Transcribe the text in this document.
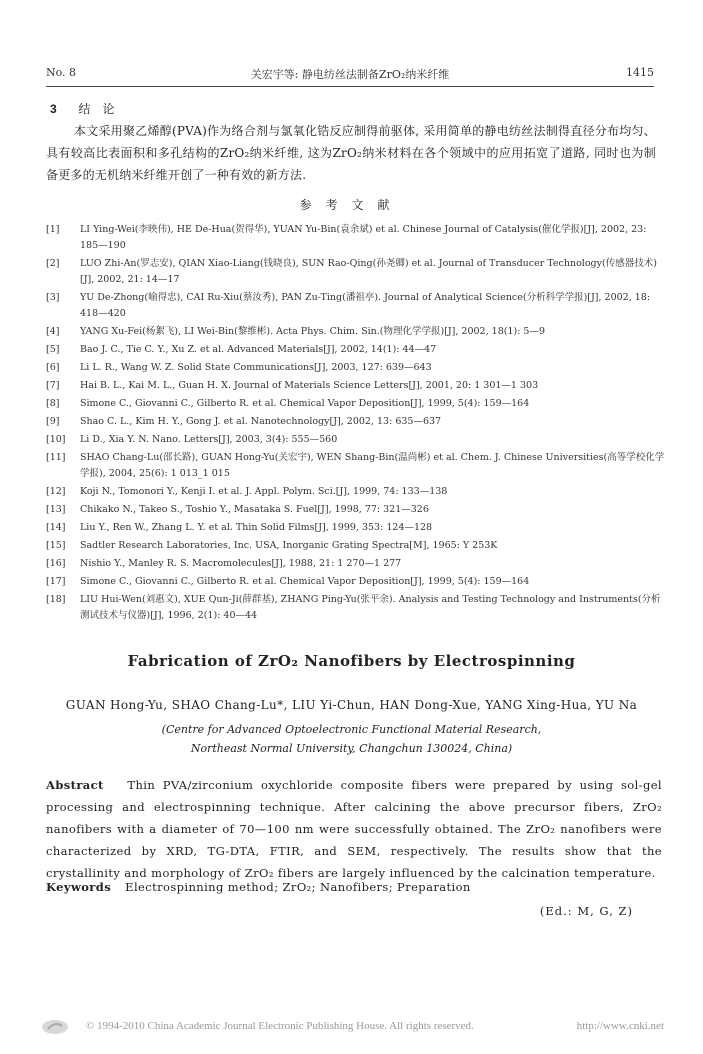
No. 8	关宏宇等: 静电纺丝法制备ZrO₂纳米纤维	1415
3 结　论
本文采用聚乙烯醇(PVA)作为络合剂与氯氧化锆反应制得前驱体, 采用简单的静电纺丝法制得直径分布均匀、具有较高比表面积和多孔结构的ZrO₂纳米纤维, 这为ZrO₂纳米材料在各个领域中的应用拓宽了道路, 同时也为制备更多的无机纳米纤维开创了一种有效的新方法.
参考文献
[1]	LI Ying-Wei(李映伟), HE De-Hua(贺得华), YUAN Yu-Bin(袁余斌) et al. Chinese Journal of Catalysis(催化学报)[J], 2002, 23: 185—190
[2]	LUO Zhi-An(罗志安), QIAN Xiao-Liang(钱晓良), SUN Rao-Qing(孙尧卿) et al. Journal of Transducer Technology(传感器技术)[J], 2002, 21: 14—17
[3]	YU De-Zhong(喻得忠), CAI Ru-Xiu(蔡汝秀), PAN Zu-Ting(潘祖亭). Journal of Analytical Science(分析科学学报)[J], 2002, 18: 418—420
[4]	YANG Xu-Fei(杨絮飞), LI Wei-Bin(黎维彬). Acta Phys. Chim. Sin.(物理化学学报)[J], 2002, 18(1): 5—9
[5]	Bao J. C., Tie C. Y., Xu Z. et al. Advanced Materials[J], 2002, 14(1): 44—47
[6]	Li L. R., Wang W. Z. Solid State Communications[J], 2003, 127: 639—643
[7]	Hai B. L., Kai M. L., Guan H. X. Journal of Materials Science Letters[J], 2001, 20: 1 301—1 303
[8]	Simone C., Giovanni C., Gilberto R. et al. Chemical Vapor Deposition[J], 1999, 5(4): 159—164
[9]	Shao C. L., Kim H. Y., Gong J. et al. Nanotechnology[J], 2002, 13: 635—637
[10]	Li D., Xia Y. N. Nano. Letters[J], 2003, 3(4): 555—560
[11]	SHAO Chang-Lu(邵长路), GUAN Hong-Yu(关宏宇), WEN Shang-Bin(温尚彬) et al. Chem. J. Chinese Universities(高等学校化学学报), 2004, 25(6): 1 013_1 015
[12]	Koji N., Tomonori Y., Kenji I. et al. J. Appl. Polym. Sci.[J], 1999, 74: 133—138
[13]	Chikako N., Takeo S., Toshio Y., Masataka S. Fuel[J], 1998, 77: 321—326
[14]	Liu Y., Ren W., Zhang L. Y. et al. Thin Solid Films[J], 1999, 353: 124—128
[15]	Sadtler Research Laboratories, Inc. USA, Inorganic Grating Spectra[M], 1965: Y 253K
[16]	Nishio Y., Manley R. S. Macromolecules[J], 1988, 21: 1 270—1 277
[17]	Simone C., Giovanni C., Gilberto R. et al. Chemical Vapor Deposition[J], 1999, 5(4): 159—164
[18]	LIU Hui-Wen(刘惠文), XUE Qun-Ji(薛群基), ZHANG Ping-Yu(张平余). Analysis and Testing Technology and Instruments(分析测试技术与仪器)[J], 1996, 2(1): 40—44
Fabrication of ZrO₂ Nanofibers by Electrospinning
GUAN Hong-Yu, SHAO Chang-Lu*, LIU Yi-Chun, HAN Dong-Xue, YANG Xing-Hua, YU Na
(Centre for Advanced Optoelectronic Functional Material Research,
Northeast Normal University, Changchun 130024, China)
Abstract Thin PVA/zirconium oxychloride composite fibers were prepared by using sol-gel processing and electrospinning technique. After calcining the above precursor fibers, ZrO₂ nanofibers with a diameter of 70—100 nm were successfully obtained. The ZrO₂ nanofibers were characterized by XRD, TG-DTA, FTIR, and SEM, respectively. The results show that the crystallinity and morphology of ZrO₂ fibers are largely influenced by the calcination temperature.
Keywords Electrospinning method; ZrO₂; Nanofibers; Preparation
(Ed.: M, G, Z)
© 1994-2010 China Academic Journal Electronic Publishing House. All rights reserved.	http://www.cnki.net
